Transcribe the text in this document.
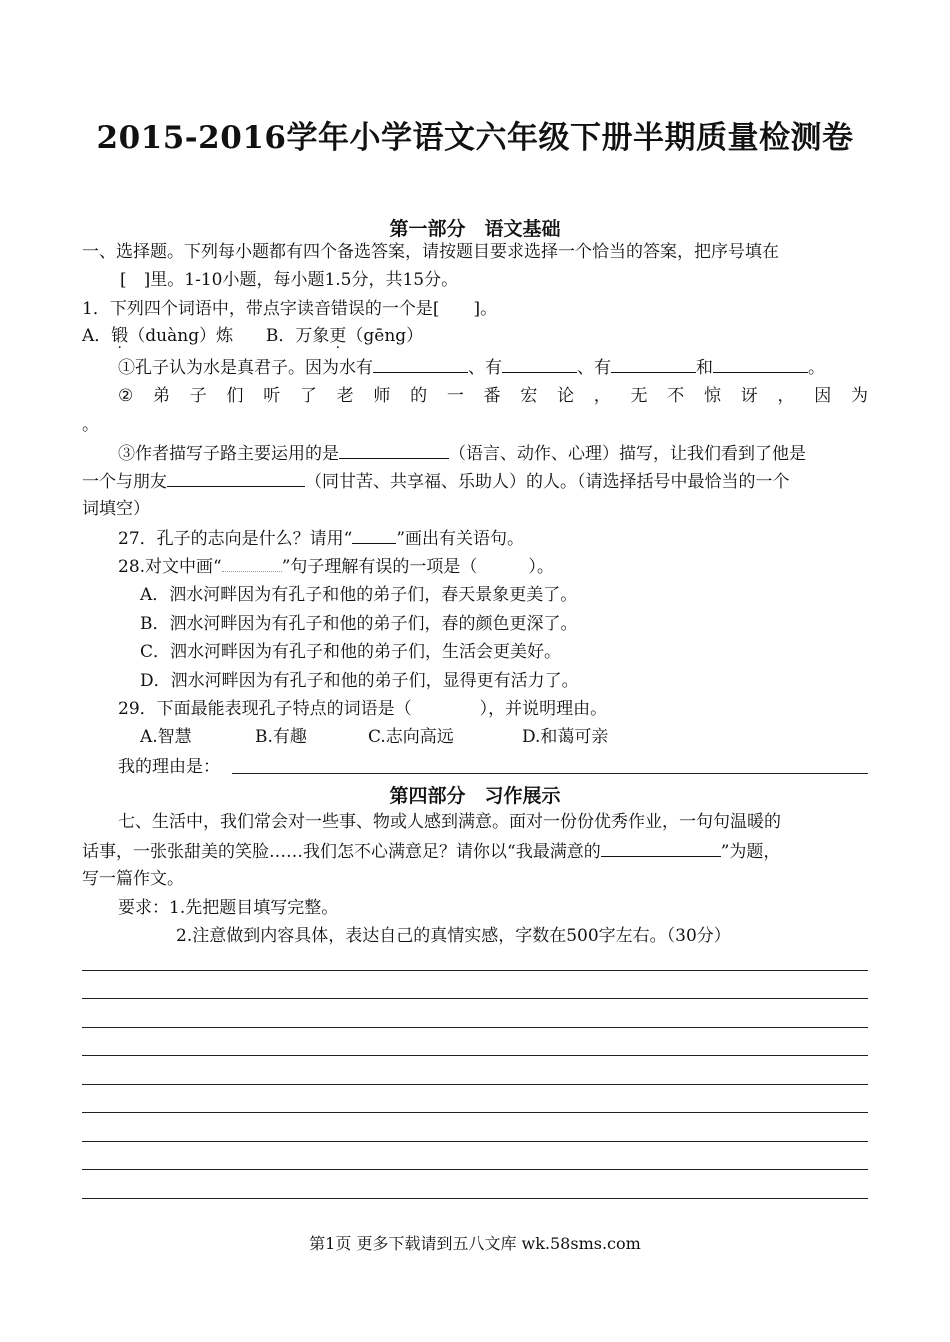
2015-2016学年小学语文六年级下册半期质量检测卷
第一部分　语文基础
一、选择题。下列每小题都有四个备选答案，请按题目要求选择一个恰当的答案，把序号填在
[　]里。1-10小题，每小题1.5分，共15分。
1．下列四个词语中，带点字读音错误的一个是[　　]。
A．锻（duàng）炼 B．万象更（gēng）
①孔子认为水是真君子。因为水有	、有	、有	和	。
② 弟 子 们 听 了 老 师 的 一 番 宏 论 ， 无 不 惊 讶 ， 因 为
。
③作者描写子路主要运用的是	（语言、动作、心理）描写，让我们看到了他是
一个与朋友	（同甘苦、共享福、乐助人）的人。（请选择括号中最恰当的一个
词填空）
27．孔子的志向是什么？请用“	”画出有关语句。
28.对文中画“	”句子理解有误的一项是（　　　）。
A．泗水河畔因为有孔子和他的弟子们，春天景象更美了。
B．泗水河畔因为有孔子和他的弟子们，春的颜色更深了。
C．泗水河畔因为有孔子和他的弟子们，生活会更美好。
D．泗水河畔因为有孔子和他的弟子们，显得更有活力了。
29．下面最能表现孔子特点的词语是（　　　　），并说明理由。
A.智慧	B.有趣	C.志向高远	D.和蔼可亲
我的理由是：
第四部分　习作展示
七、生活中，我们常会对一些事、物或人感到满意。面对一份份优秀作业，一句句温暖的
话事，一张张甜美的笑脸……我们怎不心满意足？请你以“我最满意的	”为题，
写一篇作文。
要求：1.先把题目填写完整。
2.注意做到内容具体，表达自己的真情实感，字数在500字左右。（30分）
第1页 更多下载请到五八文库 wk.58sms.com
